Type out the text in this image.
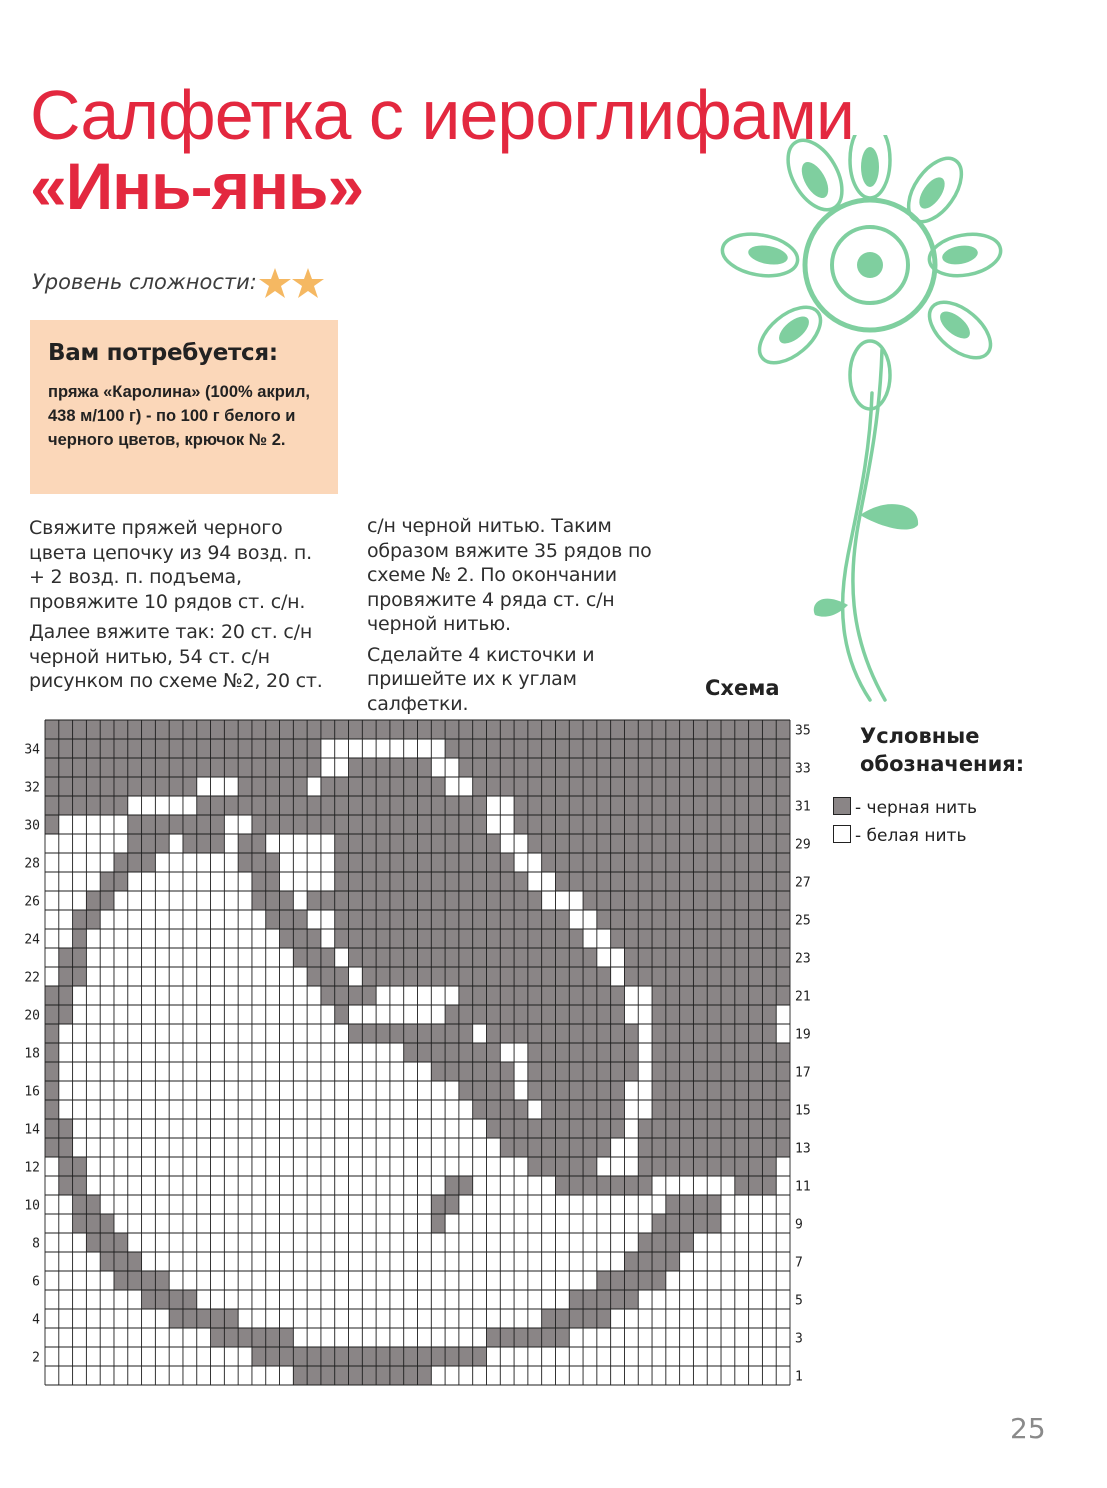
Салфетка с иероглифами
«Инь-янь»
Уровень сложности:
Вам потребуется:

пряжа «Каролина» (100% акрил, 438 м/100 г) - по 100 г белого и черного цветов, крючок № 2.

Свяжите пряжей черного цвета цепочку из 94 возд. п. + 2 возд. п. подъема, провяжите 10 рядов ст. с/н.

Далее вяжите так: 20 ст. с/н черной нитью, 54 ст. с/н рисунком по схеме №2, 20 ст.

с/н черной нитью. Таким образом вяжите 35 рядов по схеме № 2. По окончании провяжите 4 ряда ст. с/н черной нитью.

Сделайте 4 кисточки и пришейте их к углам салфетки.

Схема
34
32
30
28
26
24
22
20
18
16
14
12
10
8
6
4
2
35
33
31
29
27
25
23
21
19
17
15
13
11
9
7
5
3
1
Условные обозначения:
- черная нить
- белая нить
25
